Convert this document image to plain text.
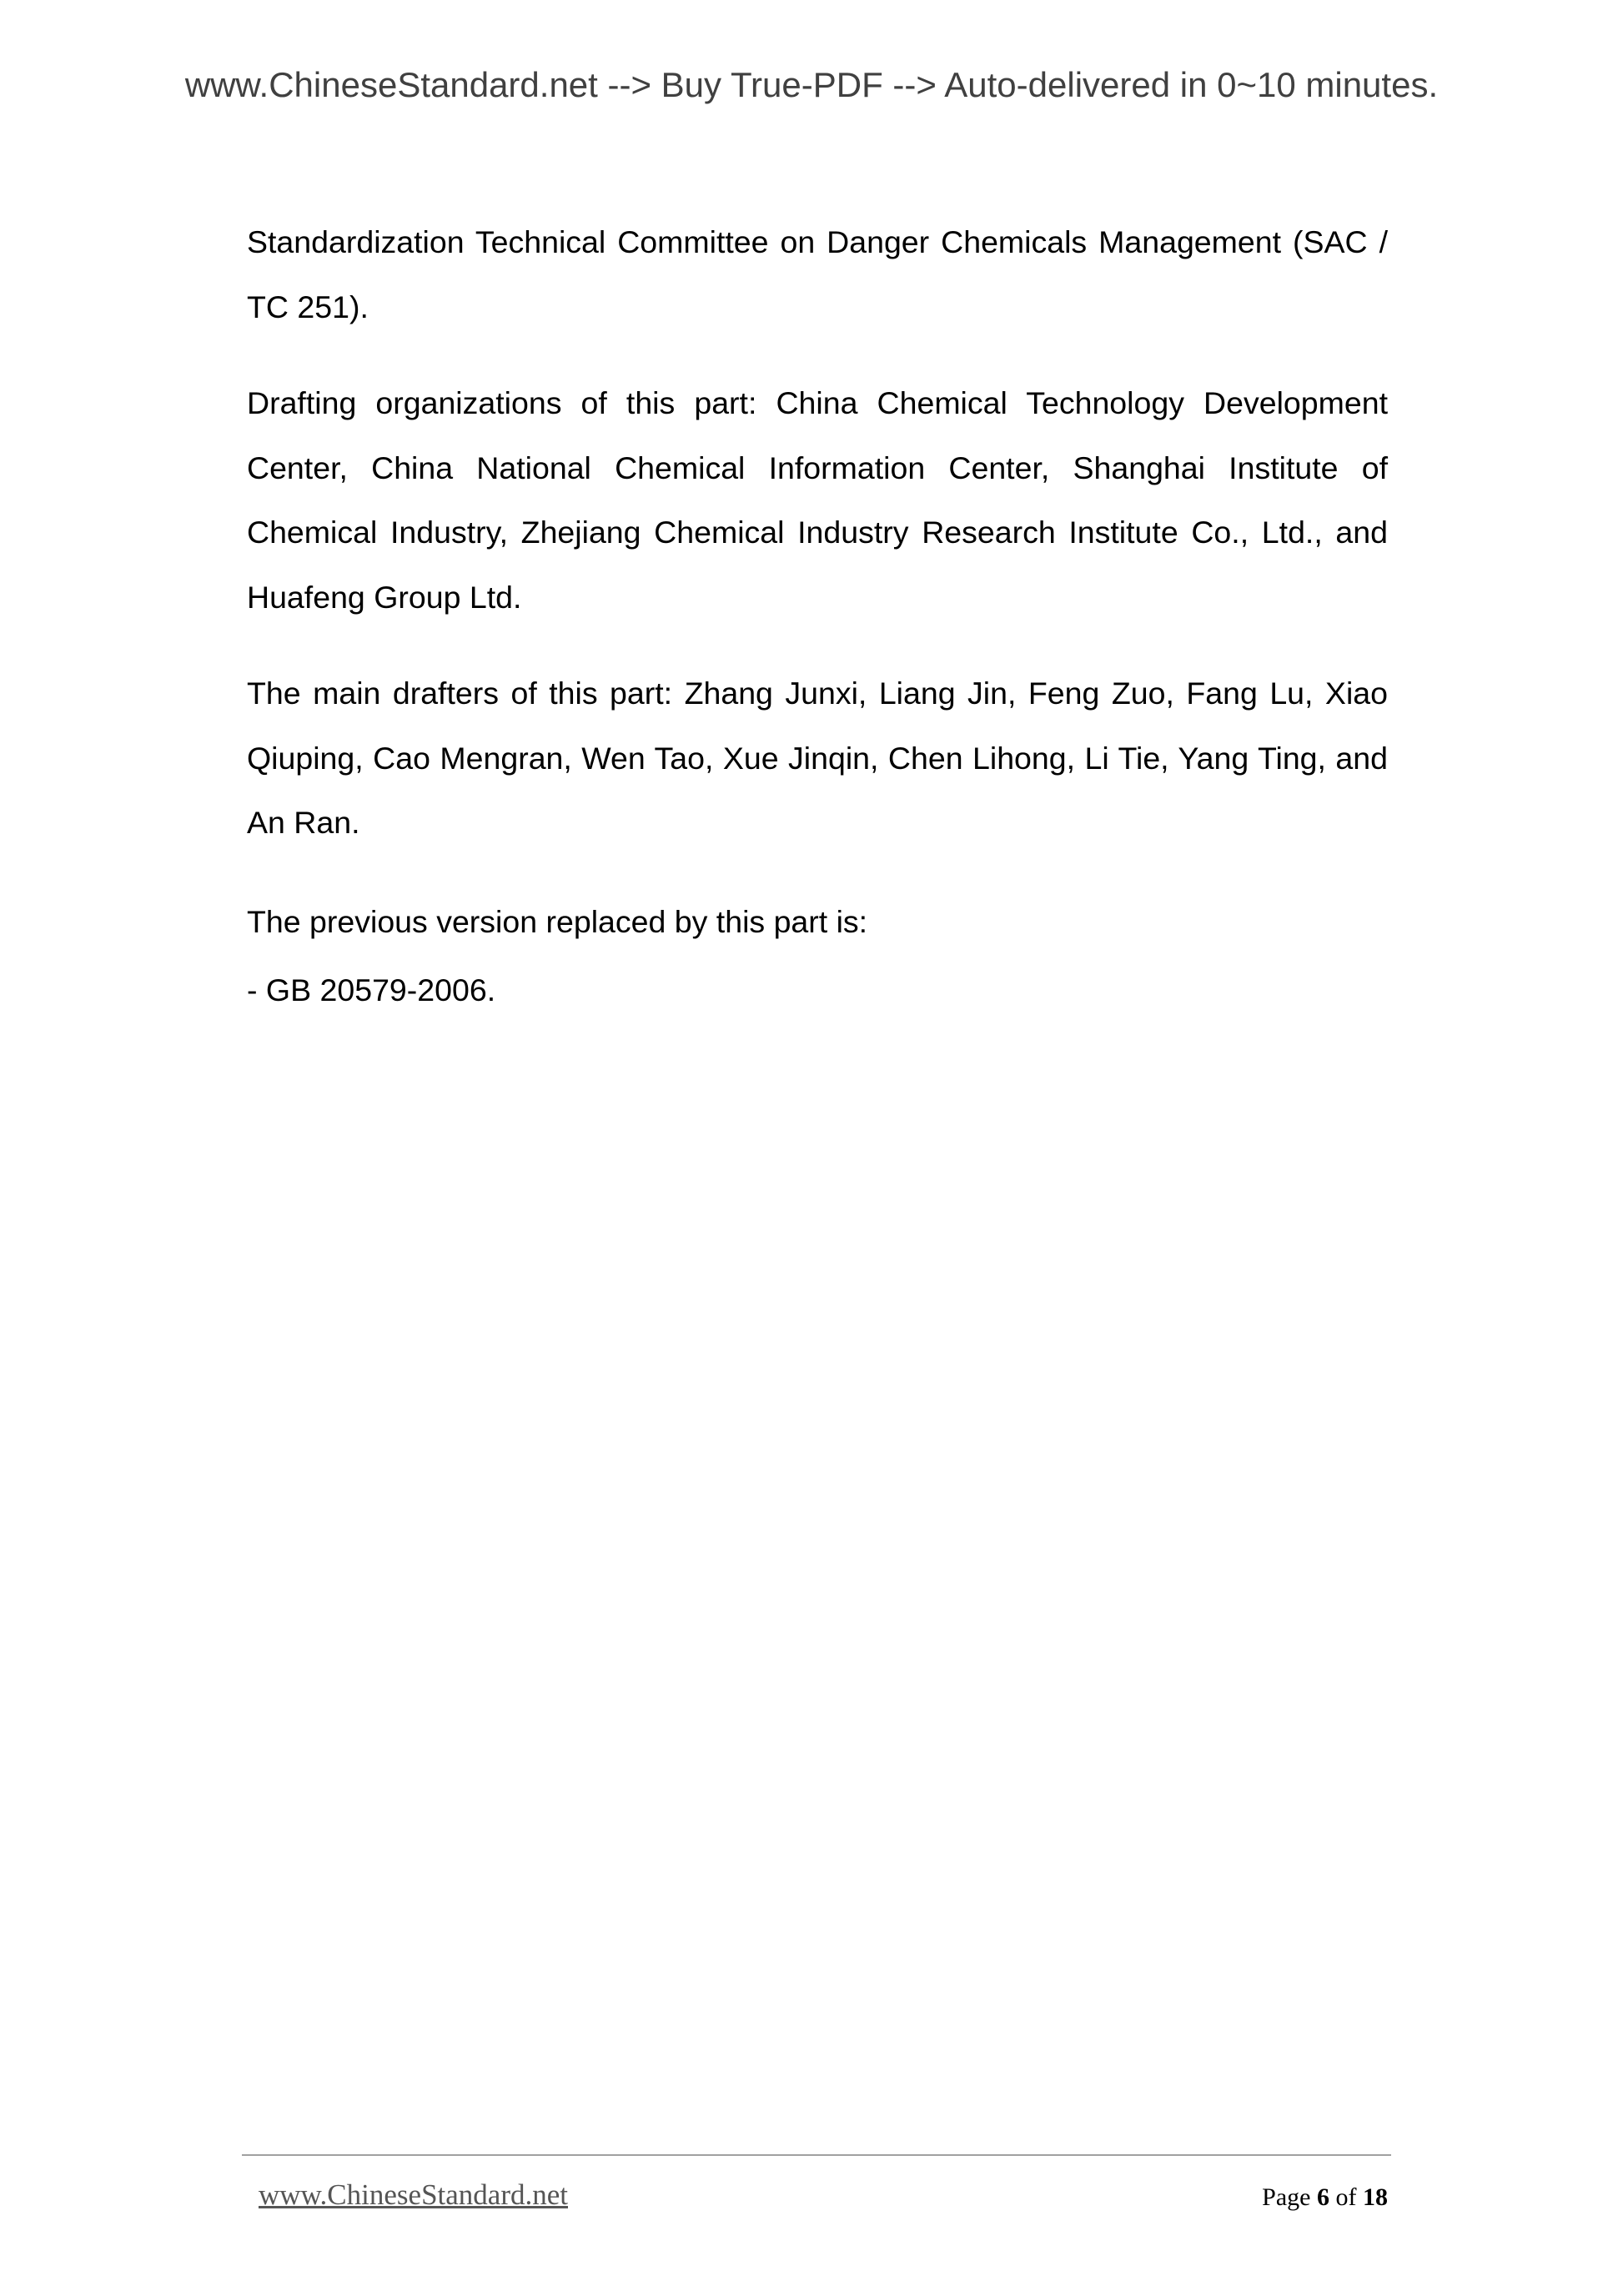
www.ChineseStandard.net --> Buy True-PDF --> Auto-delivered in 0~10 minutes.

Standardization Technical Committee on Danger Chemicals Management (SAC / TC 251).

Drafting organizations of this part: China Chemical Technology Development Center, China National Chemical Information Center, Shanghai Institute of Chemical Industry, Zhejiang Chemical Industry Research Institute Co., Ltd., and Huafeng Group Ltd.

The main drafters of this part: Zhang Junxi, Liang Jin, Feng Zuo, Fang Lu, Xiao Qiuping, Cao Mengran, Wen Tao, Xue Jinqin, Chen Lihong, Li Tie, Yang Ting, and An Ran.

The previous version replaced by this part is:

- GB 20579-2006.

www.ChineseStandard.net	Page 6 of 18
